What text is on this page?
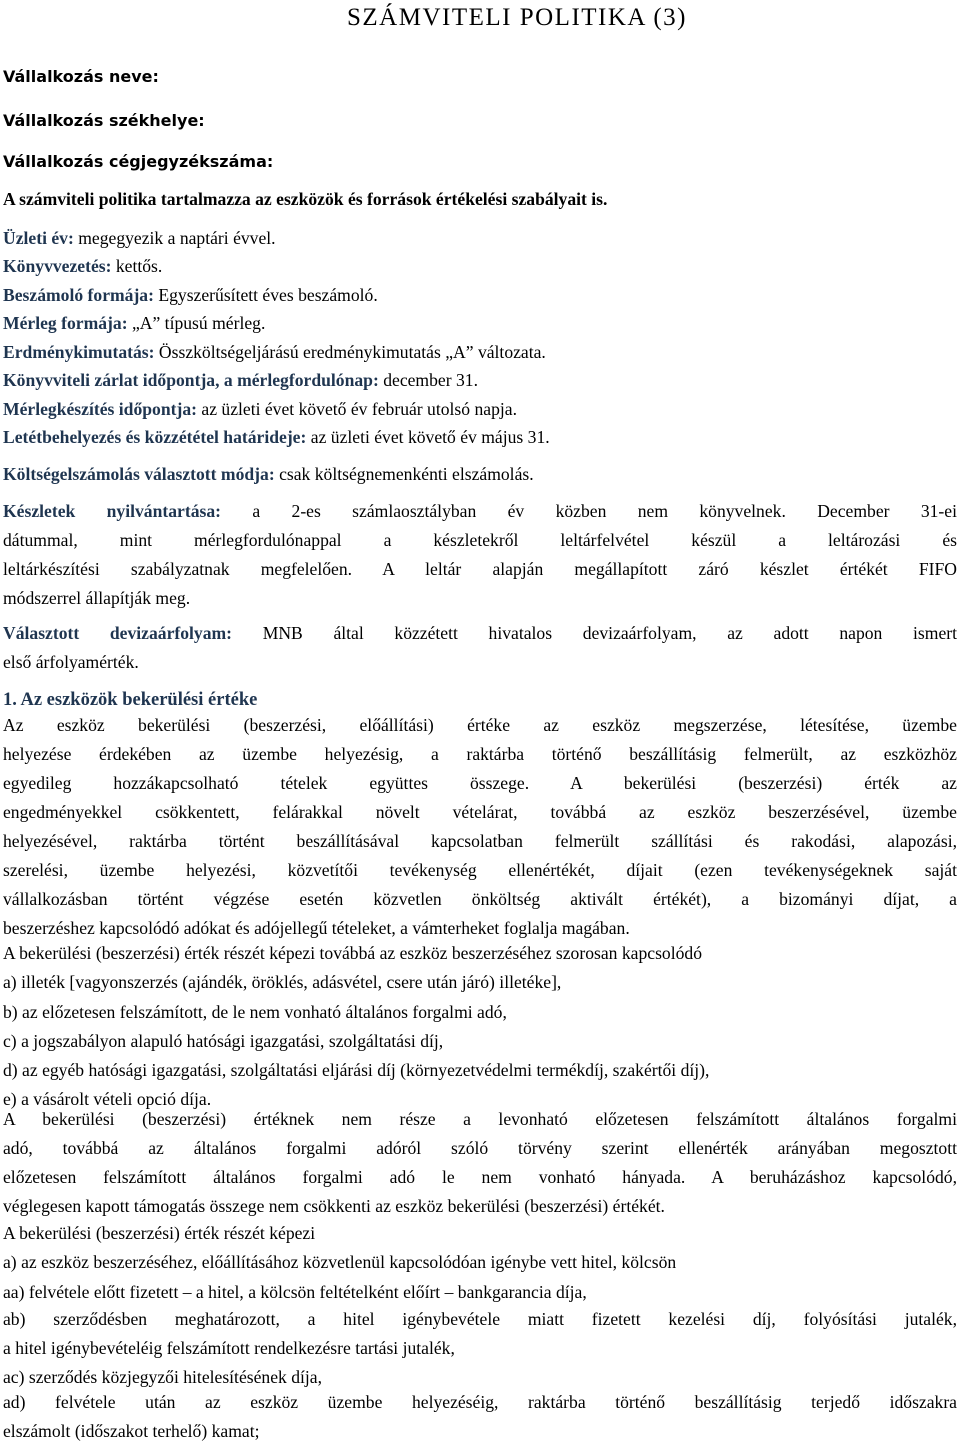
SZÁMVITELI POLITIKA (3)
Vállalkozás neve:
Vállalkozás székhelye:
Vállalkozás cégjegyzékszáma:
A számviteli politika tartalmazza az eszközök és források értékelési szabályait is.
Üzleti év: megegyezik a naptári évvel.
Könyvvezetés: kettős.
Beszámoló formája: Egyszerűsített éves beszámoló.
Mérleg formája: „A” típusú mérleg.
Erdménykimutatás: Összköltségeljárású eredménykimutatás „A” változata.
Könyvviteli zárlat időpontja, a mérlegfordulónap: december 31.
Mérlegkészítés időpontja: az üzleti évet követő év február utolsó napja.
Letétbehelyezés és közzététel határideje: az üzleti évet követő év május 31.
Költségelszámolás választott módja: csak költségnemenkénti elszámolás.
Készletek nyilvántartása: a 2-es számlaosztályban év közben nem könyvelnek. December 31-ei
dátummal, mint mérlegfordulónappal a készletekről leltárfelvétel készül a leltározási és
leltárkészítési szabályzatnak megfelelően. A leltár alapján megállapított záró készlet értékét FIFO
módszerrel állapítják meg.
Választott devizaárfolyam: MNB által közzétett hivatalos devizaárfolyam, az adott napon ismert
első árfolyamérték.
1. Az eszközök bekerülési értéke
Az eszköz bekerülési (beszerzési, előállítási) értéke az eszköz megszerzése, létesítése, üzembe
helyezése érdekében az üzembe helyezésig, a raktárba történő beszállításig felmerült, az eszközhöz
egyedileg hozzákapcsolható tételek együttes összege. A bekerülési (beszerzési) érték az
engedményekkel csökkentett, felárakkal növelt vételárat, továbbá az eszköz beszerzésével, üzembe
helyezésével, raktárba történt beszállításával kapcsolatban felmerült szállítási és rakodási, alapozási,
szerelési, üzembe helyezési, közvetítői tevékenység ellenértékét, díjait (ezen tevékenységeknek saját
vállalkozásban történt végzése esetén közvetlen önköltség aktivált értékét), a bizományi díjat, a
beszerzéshez kapcsolódó adókat és adójellegű tételeket, a vámterheket foglalja magában.
A bekerülési (beszerzési) érték részét képezi továbbá az eszköz beszerzéséhez szorosan kapcsolódó
a) illeték [vagyonszerzés (ajándék, öröklés, adásvétel, csere után járó) illetéke],
b) az előzetesen felszámított, de le nem vonható általános forgalmi adó,
c) a jogszabályon alapuló hatósági igazgatási, szolgáltatási díj,
d) az egyéb hatósági igazgatási, szolgáltatási eljárási díj (környezetvédelmi termékdíj, szakértői díj),
e) a vásárolt vételi opció díja.
A bekerülési (beszerzési) értéknek nem része a levonható előzetesen felszámított általános forgalmi
adó, továbbá az általános forgalmi adóról szóló törvény szerint ellenérték arányában megosztott
előzetesen felszámított általános forgalmi adó le nem vonható hányada. A beruházáshoz kapcsolódó,
véglegesen kapott támogatás összege nem csökkenti az eszköz bekerülési (beszerzési) értékét.
A bekerülési (beszerzési) érték részét képezi
a) az eszköz beszerzéséhez, előállításához közvetlenül kapcsolódóan igénybe vett hitel, kölcsön
aa) felvétele előtt fizetett – a hitel, a kölcsön feltételként előírt – bankgarancia díja,
ab) szerződésben meghatározott, a hitel igénybevétele miatt fizetett kezelési díj, folyósítási jutalék,
a hitel igénybevételéig felszámított rendelkezésre tartási jutalék,
ac) szerződés közjegyzői hitelesítésének díja,
ad) felvétele után az eszköz üzembe helyezéséig, raktárba történő beszállításig terjedő időszakra
elszámolt (időszakot terhelő) kamat;
